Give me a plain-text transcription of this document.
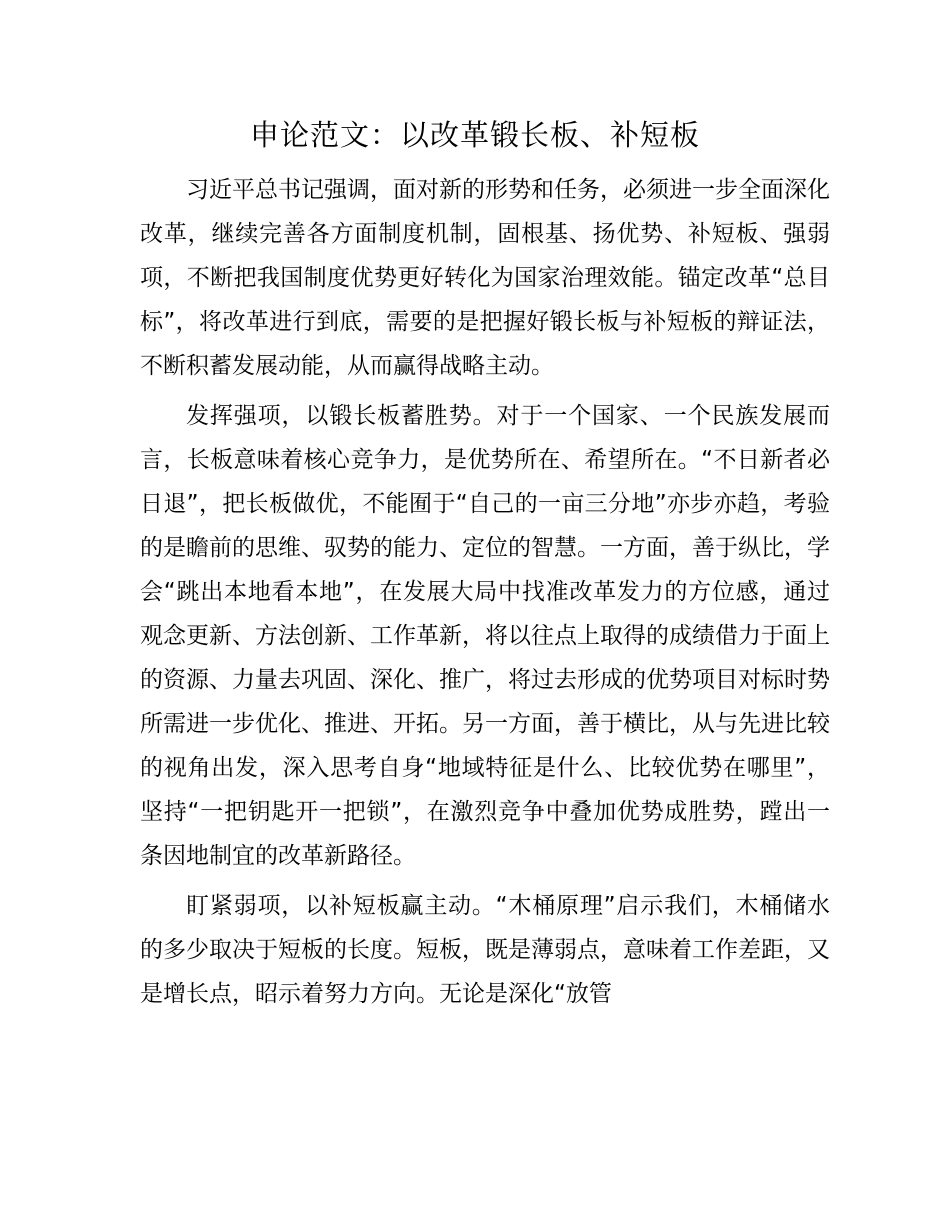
申论范文：以改革锻长板、补短板

习近平总书记强调，面对新的形势和任务，必须进一步全面深化改革，继续完善各方面制度机制，固根基、扬优势、补短板、强弱项，不断把我国制度优势更好转化为国家治理效能。锚定改革“总目标”，将改革进行到底，需要的是把握好锻长板与补短板的辩证法，不断积蓄发展动能，从而赢得战略主动。

发挥强项，以锻长板蓄胜势。对于一个国家、一个民族发展而言，长板意味着核心竞争力，是优势所在、希望所在。“不日新者必日退”，把长板做优，不能囿于“自己的一亩三分地”亦步亦趋，考验的是瞻前的思维、驭势的能力、定位的智慧。一方面，善于纵比，学会“跳出本地看本地”，在发展大局中找准改革发力的方位感，通过观念更新、方法创新、工作革新，将以往点上取得的成绩借力于面上的资源、力量去巩固、深化、推广，将过去形成的优势项目对标时势所需进一步优化、推进、开拓。另一方面，善于横比，从与先进比较的视角出发，深入思考自身“地域特征是什么、比较优势在哪里”，坚持“一把钥匙开一把锁”，在激烈竞争中叠加优势成胜势，蹚出一条因地制宜的改革新路径。

盯紧弱项，以补短板赢主动。“木桶原理”启示我们，木桶储水的多少取决于短板的长度。短板，既是薄弱点，意味着工作差距，又是增长点，昭示着努力方向。无论是深化“放管
